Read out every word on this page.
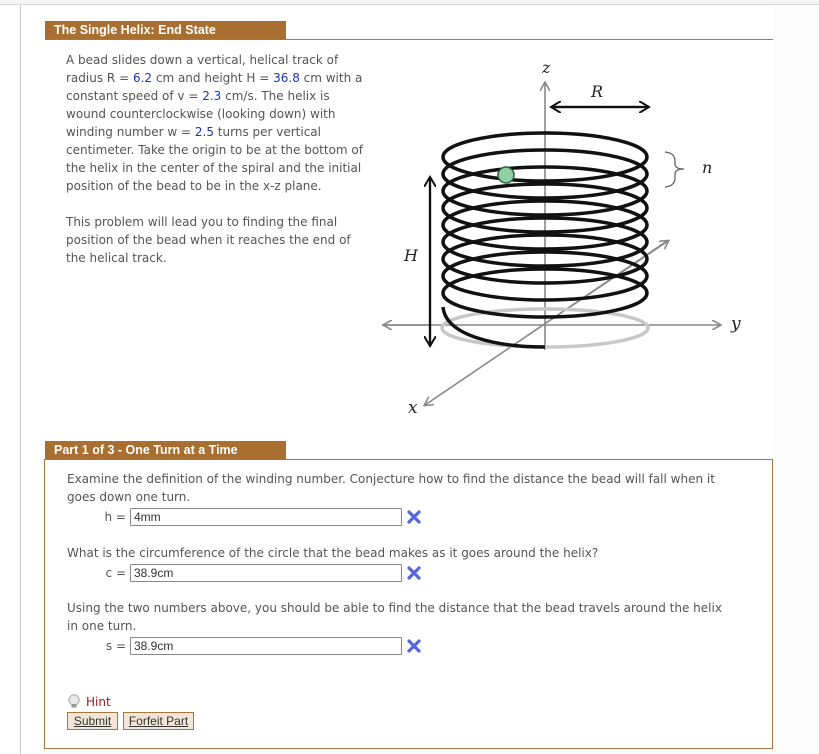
The Single Helix: End State

A bead slides down a vertical, helical track of

radius R = 6.2 cm and height H = 36.8 cm with a

constant speed of v = 2.3 cm/s. The helix is

wound counterclockwise (looking down) with

winding number w = 2.5 turns per vertical

centimeter. Take the origin to be at the bottom of

the helix in the center of the spiral and the initial

position of the bead to be in the x-z plane.

This problem will lead you to finding the final

position of the bead when it reaches the end of

the helical track.

z
R
n
H
y
x
Part 1 of 3 - One Turn at a Time
Examine the definition of the winding number. Conjecture how to find the distance the bead will fall when it
goes down one turn.
h =
4mm
What is the circumference of the circle that the bead makes as it goes around the helix?
c =
38.9cm
Using the two numbers above, you should be able to find the distance that the bead travels around the helix
in one turn.
s =
38.9cm
Hint
Submit	Forfeit Part
